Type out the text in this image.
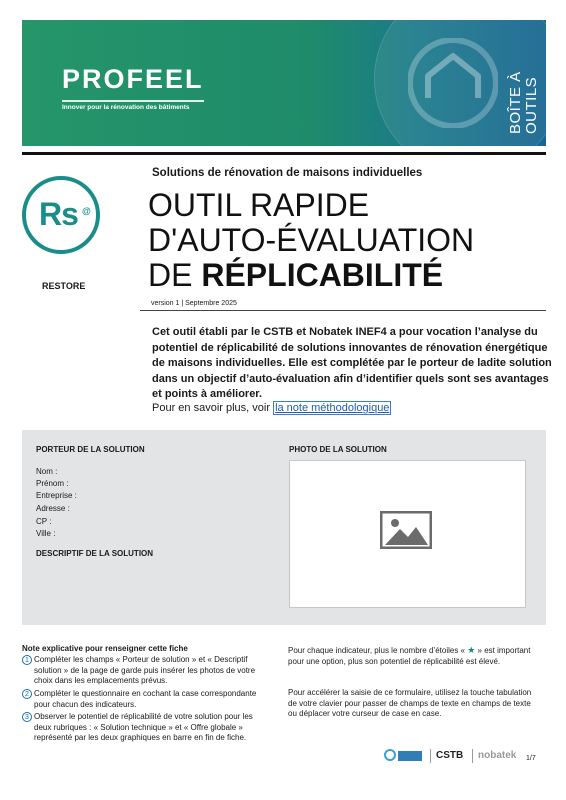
PROFEEL
Innover pour la rénovation des bâtiments	BOÎTE À
OUTILS
Solutions de rénovation de maisons individuelles
Rs @
RESTORE
OUTIL RAPIDE
D'AUTO-ÉVALUATION
DE RÉPLICABILITÉ
version 1 | Septembre 2025
Cet outil établi par le CSTB et Nobatek INEF4 a pour vocation l’analyse du potentiel de réplicabilité de solutions innovantes de rénovation énergétique de maisons individuelles. Elle est complétée par le porteur de ladite solution dans un objectif d’auto-évaluation afin d’identifier quels sont ses avantages et points à améliorer.
Pour en savoir plus, voir la note méthodologique
PORTEUR DE LA SOLUTION
Nom :
Prénom :
Entreprise :
Adresse :
CP :
Ville :
DESCRIPTIF DE LA SOLUTION
PHOTO DE LA SOLUTION
Note explicative pour renseigner cette fiche
1 Compléter les champs « Porteur de solution » et « Descriptif solution » de la page de garde puis insérer les photos de votre choix dans les emplacements prévus.
2 Compléter le questionnaire en cochant la case correspondante pour chacun des indicateurs.
3 Observer le potentiel de réplicabilité de votre solution pour les deux rubriques : « Solution technique » et « Offre globale » représenté par les deux graphiques en barre en fin de fiche.
Pour chaque indicateur, plus le nombre d’étoiles « ★ » est important pour une option, plus son potentiel de réplicabilité est élevé.
Pour accélérer la saisie de ce formulaire, utilisez la touche tabulation de votre clavier pour passer de champs de texte en champs de texte ou déplacer votre curseur de case en case.
CSTB nobatek 1/7
